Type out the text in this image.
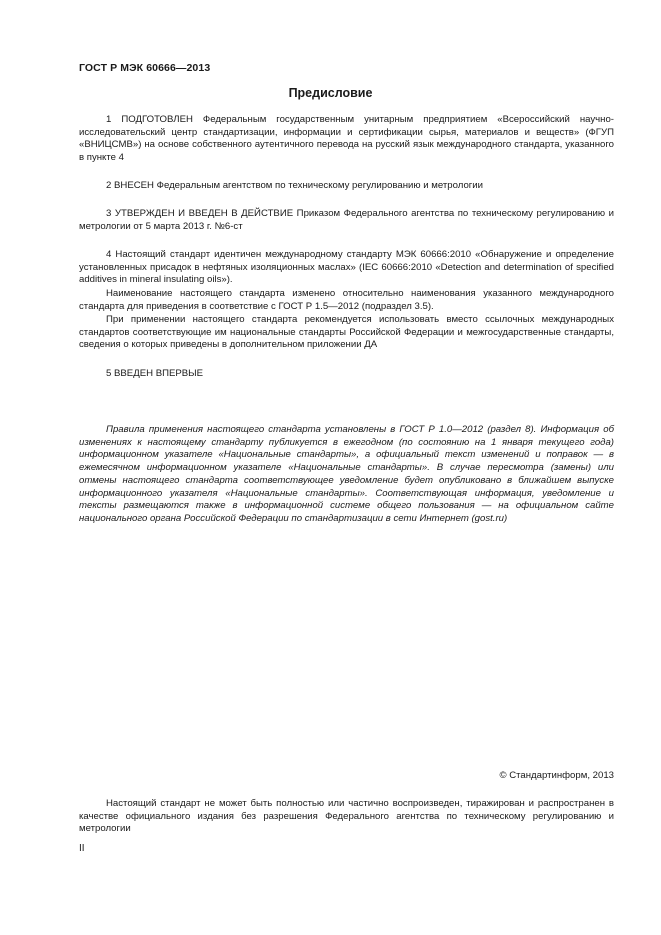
ГОСТ Р МЭК 60666—2013
Предисловие
1 ПОДГОТОВЛЕН Федеральным государственным унитарным предприятием «Всероссийский научно-исследовательский центр стандартизации, информации и сертификации сырья, материалов и веществ» (ФГУП «ВНИЦСМВ») на основе собственного аутентичного перевода на русский язык международного стандарта, указанного в пункте 4
2 ВНЕСЕН Федеральным агентством по техническому регулированию и метрологии
3 УТВЕРЖДЕН И ВВЕДЕН В ДЕЙСТВИЕ Приказом Федерального агентства по техническому регулированию и метрологии от 5 марта 2013 г. №6-ст
4 Настоящий стандарт идентичен международному стандарту МЭК 60666:2010 «Обнаружение и определение установленных присадок в нефтяных изоляционных маслах» (IEC 60666:2010 «Detection and determination of specified additives in mineral insulating oils»).
Наименование настоящего стандарта изменено относительно наименования указанного международного стандарта для приведения в соответствие с ГОСТ Р 1.5—2012 (подраздел 3.5).
При применении настоящего стандарта рекомендуется использовать вместо ссылочных международных стандартов соответствующие им национальные стандарты Российской Федерации и межгосударственные стандарты, сведения о которых приведены в дополнительном приложении ДА
5 ВВЕДЕН ВПЕРВЫЕ
Правила применения настоящего стандарта установлены в ГОСТ Р 1.0—2012 (раздел 8). Информация об изменениях к настоящему стандарту публикуется в ежегодном (по состоянию на 1 января текущего года) информационном указателе «Национальные стандарты», а официальный текст изменений и поправок — в ежемесячном информационном указателе «Национальные стандарты». В случае пересмотра (замены) или отмены настоящего стандарта соответствующее уведомление будет опубликовано в ближайшем выпуске информационного указателя «Национальные стандарты». Соответствующая информация, уведомление и тексты размещаются также в информационной системе общего пользования — на официальном сайте национального органа Российской Федерации по стандартизации в сети Интернет (gost.ru)
© Стандартинформ, 2013
Настоящий стандарт не может быть полностью или частично воспроизведен, тиражирован и распространен в качестве официального издания без разрешения Федерального агентства по техническому регулированию и метрологии
II
